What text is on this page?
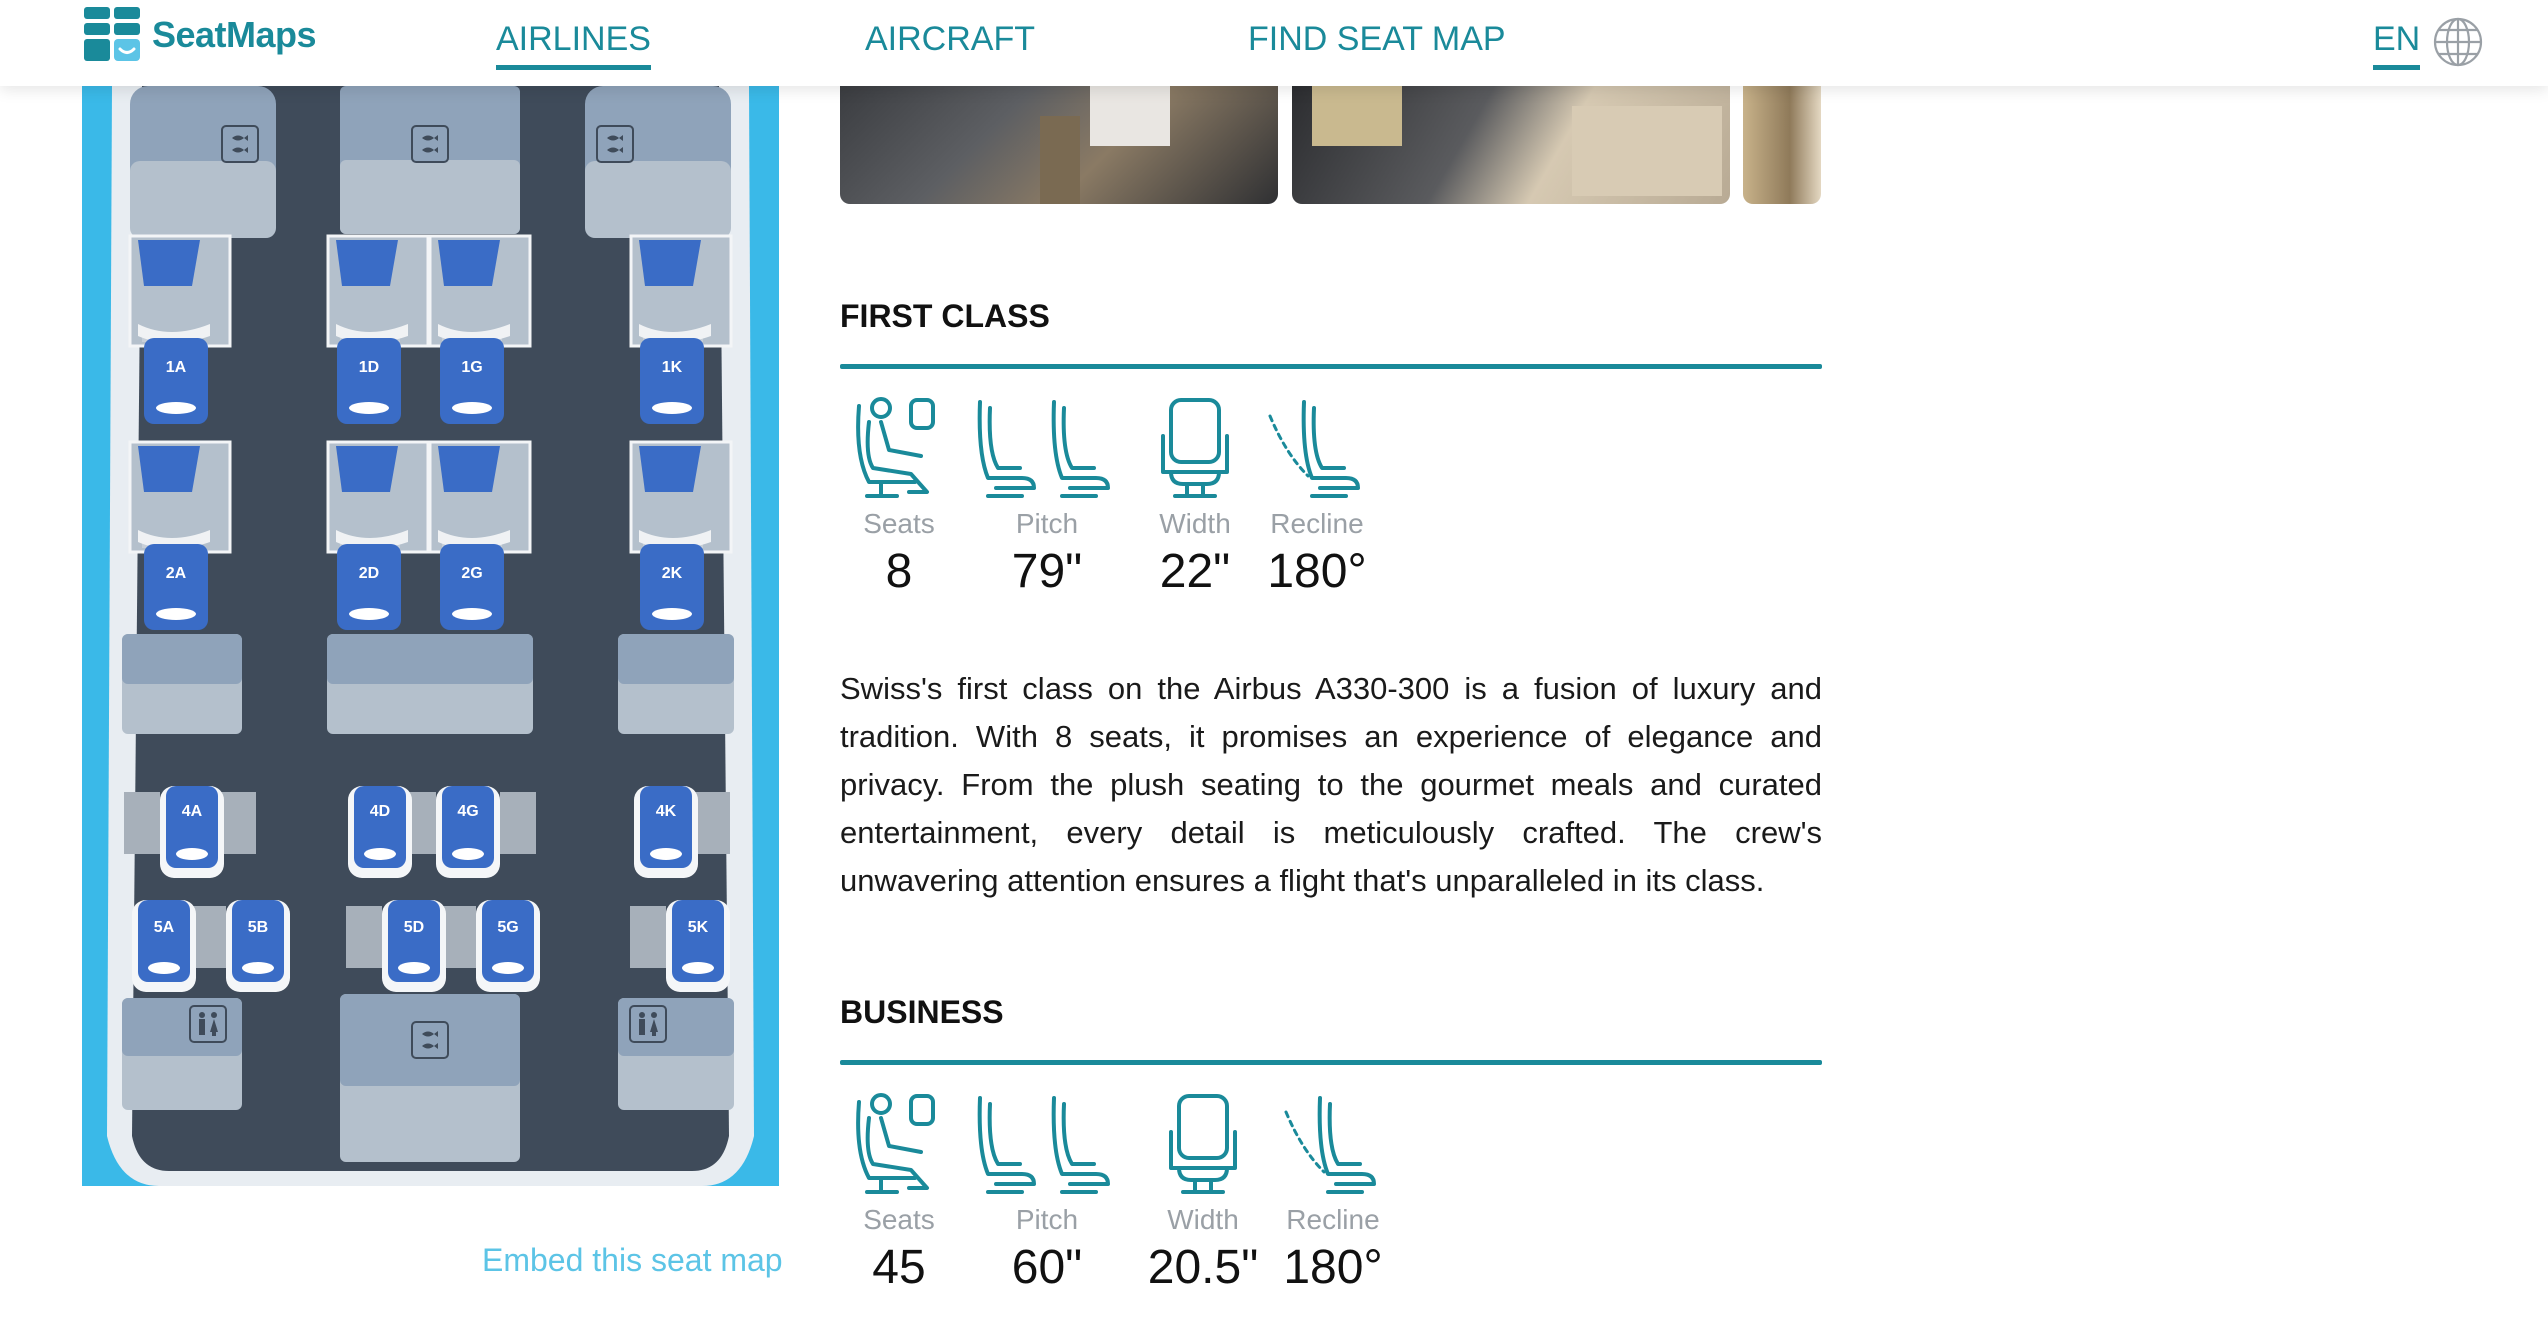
SeatMaps	AIRLINES	AIRCRAFT	FIND SEAT MAP	EN
1A	1D	1G	1K
2A	2D	2G	2K
4A	4D	4G	4K
5A	5B	5D	5G	5K
Embed this seat map
FIRST CLASS
Seats
8
Pitch
79"
Width
22"
Recline
180°
Swiss's first class on the Airbus A330-300 is a fusion of luxury and tradition. With 8 seats, it promises an experience of elegance and privacy. From the plush seating to the gourmet meals and curated entertainment, every detail is meticulously crafted. The crew's unwavering attention ensures a flight that's unparalleled in its class.
BUSINESS
Seats
45
Pitch
60"
Width
20.5"
Recline
180°
